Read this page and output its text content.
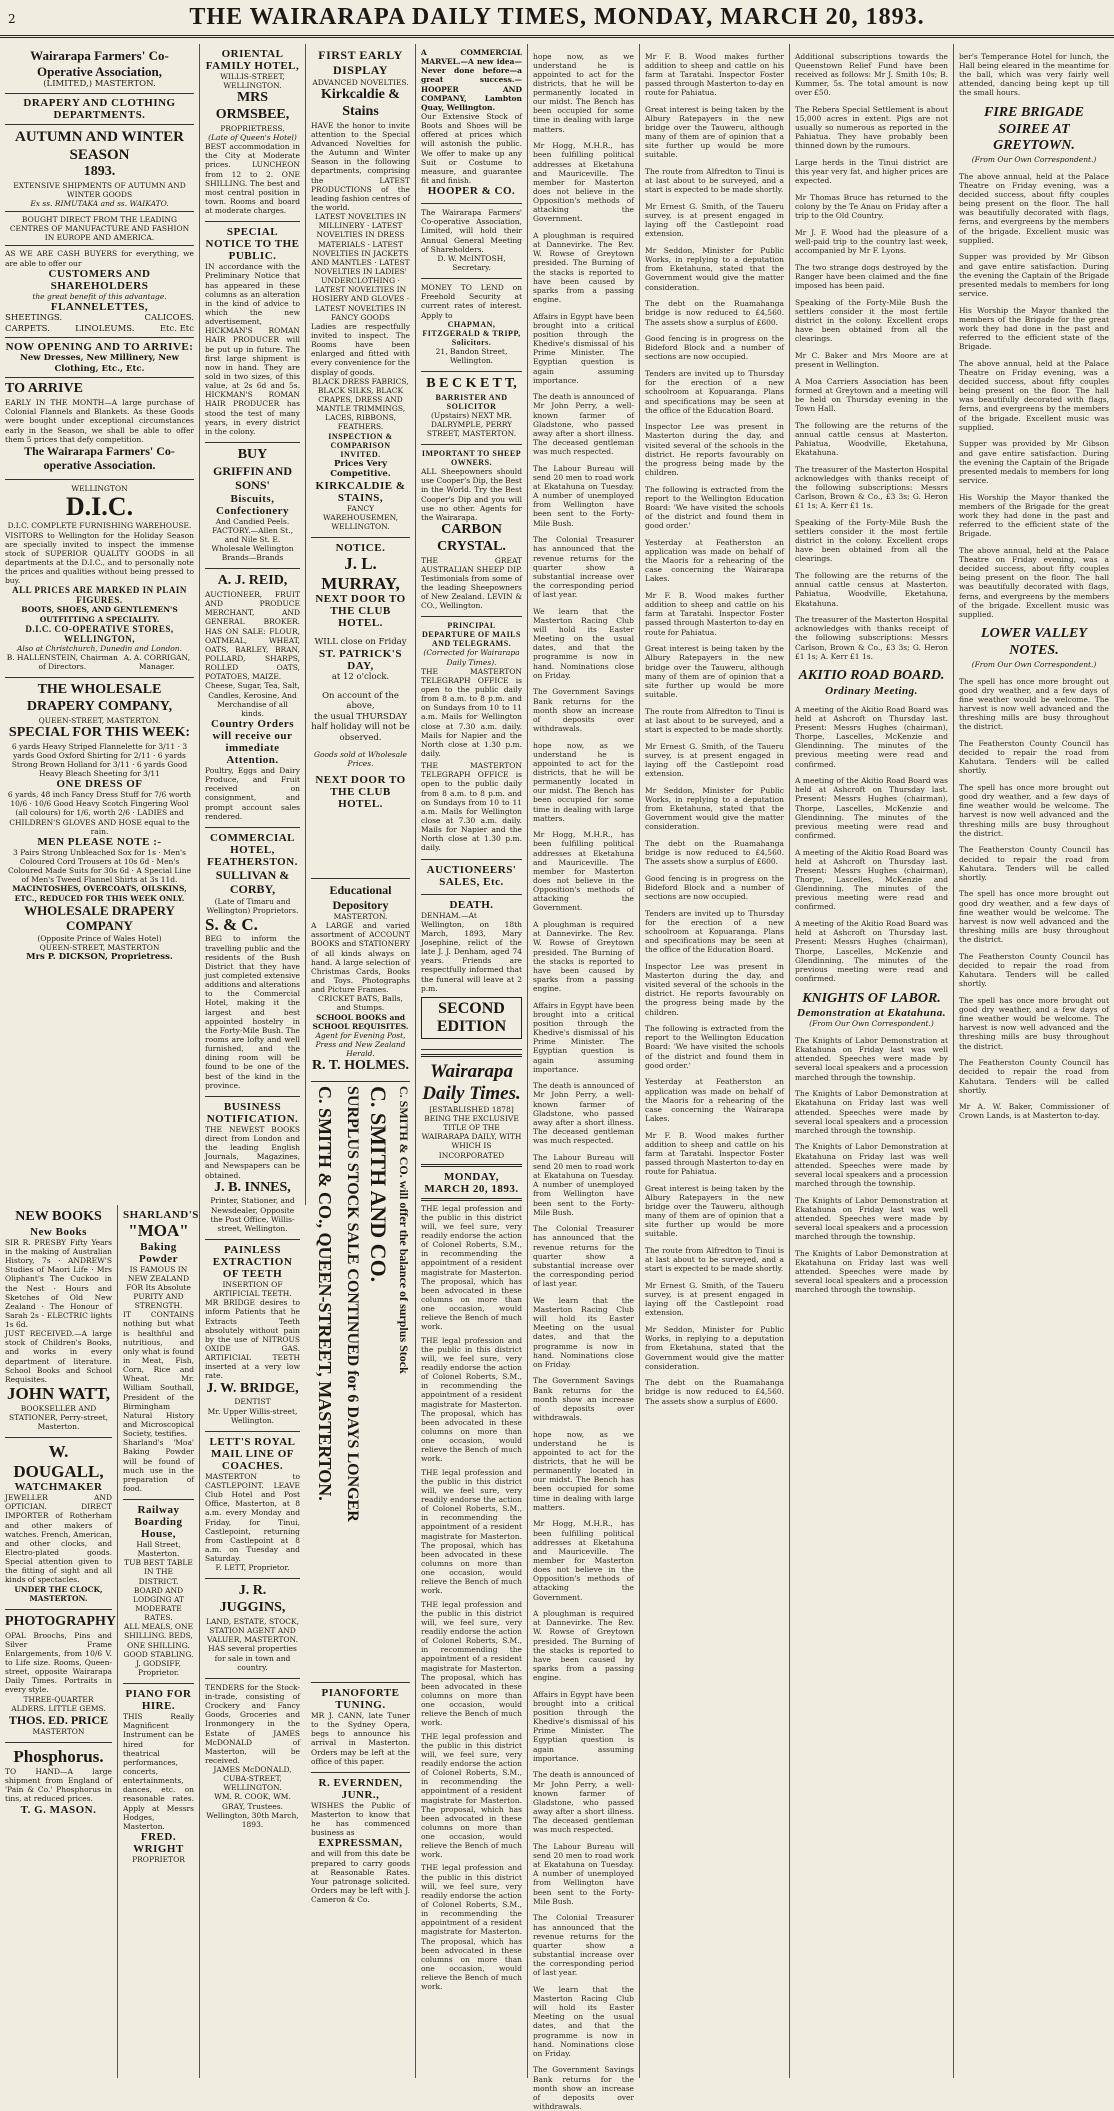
2	THE WAIRARAPA DAILY TIMES, MONDAY, MARCH 20, 1893.
Wairarapa Farmers' Co-Operative Association,
(LIMITED,) MASTERTON.
DRAPERY AND CLOTHING DEPARTMENTS.
AUTUMN AND WINTER SEASON
1893.
EXTENSIVE SHIPMENTS OF AUTUMN AND WINTER GOODS
Ex ss. RIMUTAKA and ss. WAIKATO.
BOUGHT DIRECT FROM THE LEADING CENTRES OF MANUFACTURE AND FASHION IN EUROPE AND AMERICA.
AS WE ARE CASH BUYERS for everything, we are able to offer our
CUSTOMERS AND SHAREHOLDERS
the great benefit of this advantage.
FLANNELETTES,
SHEETINGS.	CALICOES.
CARPETS.	LINOLEUMS.	Etc. Etc
NOW OPENING AND TO ARRIVE:
New Dresses, New Millinery, New Clothing, Etc., Etc.
TO ARRIVE
EARLY IN THE MONTH—A large purchase of Colonial Flannels and Blankets. As these Goods were bought under exceptional circumstances early in the Season, we shall be able to offer them 5 prices that defy competition.
The Wairarapa Farmers' Co-operative Association.
WELLINGTON
D.I.C.
D.I.C. COMPLETE FURNISHING WAREHOUSE.
VISITORS to Wellington for the Holiday Season are specially invited to inspect the immense stock of SUPERIOR QUALITY GOODS in all departments at the D.I.C., and to personally note the prices and qualities without being pressed to buy.
ALL PRICES ARE MARKED IN PLAIN FIGURES.
BOOTS, SHOES, AND GENTLEMEN'S OUTFITTING A SPECIALITY.
D.I.C. CO-OPERATIVE STORES, WELLINGTON,
Also at Christchurch, Dunedin and London.
B. HALLENSTEIN, Chairman of Directors.
A. A. CORRIGAN, Manager.
THE WHOLESALE DRAPERY COMPANY,
QUEEN-STREET, MASTERTON.
SPECIAL FOR THIS WEEK:
6 yards Heavy Striped Flannelette for 3/11 · 3 yards Good Oxford Shirting for 2/11 · 6 yards Strong Brown Holland for 3/11 · 6 yards Good Heavy Bleach Sheeting for 3/11
ONE DRESS OF
6 yards, 48 inch Fancy Dress Stuff for 7/6 worth 10/6 · 10/6 Good Heavy Scotch Fingering Wool (all colours) for 1/6, worth 2/6 · LADIES and CHILDREN'S GLOVES AND HOSE equal to the rain.
MEN PLEASE NOTE :-
3 Pairs Strong Unbleached Sox for 1s · Men's Coloured Cord Trousers at 10s 6d · Men's Coloured Made Suits for 30s 6d · A Special Line of Men's Tweed Flannel Shirts at 3s 11d.
MACINTOSHES, OVERCOATS, OILSKINS, ETC., REDUCED FOR THIS WEEK ONLY.
WHOLESALE DRAPERY COMPANY
(Opposite Prince of Wales Hotel)
QUEEN-STREET, MASTERTON
Mrs P. DICKSON, Proprietress.
NEW BOOKS
New Books
SIR R. PRESBY Fifty Years in the making of Australian History, 7s · ANDREW'S Studies of Maori Life · Mrs Oliphant's The Cuckoo in the Nest · Hours and Sketches of Old New Zealand · The Honour of Sarah 2s · ELECTRIC lights 1s 6d.
JUST RECEIVED.—A large stock of Children's Books, and works in every department of literature. School Books and School Requisites.
JOHN WATT,
BOOKSELLER AND STATIONER, Perry-street, Masterton.
W. DOUGALL,
WATCHMAKER
JEWELLER AND OPTICIAN. DIRECT IMPORTER of Rotherham and other makers of watches. French, American, and other clocks, and Electro-plated goods. Special attention given to the fitting of sight and all kinds of spectacles.
UNDER THE CLOCK, MASTERTON.
PHOTOGRAPHY
OPAL Broochs, Pins and Silver Frame Enlargements, from 10/6 V. to Life size. Rooms, Queen-street, opposite Wairarapa Daily Times. Portraits in every style.
THREE-QUARTER ALDERS. LITTLE GEMS.
THOS. ED. PRICE
MASTERTON
Phosphorus.
TO HAND—A large shipment from England of 'Pain & Co.' Phosphorus in tins, at reduced prices.
T. G. MASON.
SHARLAND'S
"MOA"
Baking Powder
IS FAMOUS IN NEW ZEALAND FOR Its Absolute PURITY AND STRENGTH.
IT CONTAINS nothing but what is healthful and nutritious, and only what is found in Meat, Fish, Corn, Rice and Wheat. Mr. William Southall, President of the Birmingham Natural History and Microscopical Society, testifies.
Sharland's 'Moa' Baking Powder will be found of much use in the preparation of food.
Railway Boarding House,
Hall Street, Masterton.
TUB BEST TABLE IN THE DISTRICT.
BOARD AND LODGING AT MODERATE RATES.
ALL MEALS, ONE SHILLING. BEDS, ONE SHILLING.
GOOD STABLING.
J. GODSIFF, Proprietor.
PIANO FOR HIRE.
THIS Really Magnificent Instrument can be hired for theatrical performances, concerts, entertainments, dances, etc. on reasonable rates. Apply at Messrs Hodges, Masterton.
FRED. WRIGHT
PROPRIETOR
ORIENTAL FAMILY HOTEL,
WILLIS-STREET, WELLINGTON.
MRS ORMSBEE,
PROPRIETRESS,
(Late of Queen's Hotel)
BEST accommodation in the City at Moderate prices. LUNCHEON from 12 to 2. ONE SHILLING. The best and most central position in town. Rooms and board at moderate charges.
SPECIAL NOTICE TO THE PUBLIC.
IN accordance with the Preliminary Notice that has appeared in these columns as an alteration in the kind of advice to which the new advertisement, HICKMAN'S ROMAN HAIR PRODUCER will be put up in future. The first large shipment is now in hand. They are sold in two sizes, of this value, at 2s 6d and 5s. HICKMAN'S ROMAN HAIR PRODUCER has stood the test of many years, in every district in the colony.
BUY
GRIFFIN AND SONS'
Biscuits, Confectionery
And Candied Peels.
FACTORY.—Allen St., and Nile St. E.
Wholesale Wellington Brands—Brands
A. J. REID,
AUCTIONEER, FRUIT AND PRODUCE MERCHANT, AND GENERAL BROKER. HAS ON SALE: FLOUR, OATMEAL, WHEAT, OATS, BARLEY, BRAN, POLLARD, SHARPS, ROLLED OATS, POTATOES, MAIZE.
Cheese, Sugar, Tea, Salt, Candles, Kerosine, And Merchandise of all kinds.
Country Orders will receive our immediate Attention.
Poultry, Eggs and Dairy Produce, and Fruit received on consignment, and prompt account sales rendered.
COMMERCIAL HOTEL, FEATHERSTON.
SULLIVAN & CORBY,
(Late of Timaru and Wellington) Proprietors.
S. & C.
BEG to inform the travelling public and the residents of the Bush District that they have just completed extensive additions and alterations to the Commercial Hotel, making it the largest and best appointed hostelry in the Forty-Mile Bush. The rooms are lofty and well furnished, and the dining room will be found to be one of the best of the kind in the province.
BUSINESS NOTIFICATION.
THE NEWEST BOOKS direct from London and the leading English Journals, Magazines, and Newspapers can be obtained.
J. B. INNES,
Printer, Stationer, and Newsdealer, Opposite the Post Office, Willis-street, Wellington.
PAINLESS EXTRACTION OF TEETH
INSERTION OF ARTIFICIAL TEETH.
MR BRIDGE desires to inform Patients that he Extracts Teeth absolutely without pain by the use of NITROUS OXIDE GAS. ARTIFICIAL TEETH inserted at a very low rate.
J. W. BRIDGE,
DENTIST
Mr. Upper Willis-street, Wellington.
LETT'S ROYAL MAIL LINE OF COACHES.
MASTERTON to CASTLEPOINT. LEAVE Club Hotel and Post Office, Masterton, at 8 a.m. every Monday and Friday, for Tinui, Castlepoint, returning from Castlepoint at 8 a.m. on Tuesday and Saturday.
F. LETT, Proprietor.
J. R. JUGGINS,
LAND, ESTATE, STOCK, STATION AGENT AND VALUER, MASTERTON.
HAS several properties for sale in town and country.
TENDERS for the Stock-in-trade, consisting of Crockery and Fancy Goods, Groceries and Ironmongery in the Estate of JAMES McDONALD of Masterton, will be received.
JAMES McDONALD, CUBA-STREET, WELLINGTON.
WM. R. COOK, WM. GRAY, Trustees.
Wellington, 30th March, 1893.
FIRST EARLY DISPLAY
ADVANCED NOVELTIES.
Kirkcaldie & Stains
HAVE the honor to invite attention to the Special Advanced Novelties for the Autumn and Winter Season in the following departments, comprising the LATEST PRODUCTIONS of the leading fashion centres of the world.
LATEST NOVELTIES IN MILLINERY · LATEST NOVELTIES IN DRESS MATERIALS · LATEST NOVELTIES IN JACKETS AND MANTLES · LATEST NOVELTIES IN LADIES' UNDERCLOTHING · LATEST NOVELTIES IN HOSIERY AND GLOVES · LATEST NOVELTIES IN FANCY GOODS
Ladies are respectfully invited to inspect. The Rooms have been enlarged and fitted with every convenience for the display of goods.
BLACK DRESS FABRICS, BLACK SILKS, BLACK CRAPES, DRESS AND MANTLE TRIMMINGS, LACES, RIBBONS, FEATHERS.
INSPECTION & COMPARISON INVITED.
Prices Very Competitive.
KIRKCALDIE & STAINS,
FANCY WAREHOUSEMEN, WELLINGTON.
NOTICE.
J. L. MURRAY,
NEXT DOOR TO THE CLUB HOTEL.
WILL close on Friday
ST. PATRICK'S DAY,
at 12 o'clock.
On account of the above,
the usual THURSDAY
half holiday will not be observed.
Goods sold at Wholesale Prices.
NEXT DOOR TO THE CLUB HOTEL.
Educational Depository
MASTERTON.
A LARGE and varied assortment of ACCOUNT BOOKS and STATIONERY of all kinds always on hand. A large selection of Christmas Cards, Books and Toys. Photographs and Picture Frames.
CRICKET BATS, Balls, and Stumps.
SCHOOL BOOKS and SCHOOL REQUISITES.
Agent for Evening Post, Press and New Zealand Herald.
R. T. HOLMES.
C. SMITH & CO. will offer the balance of surplus Stock
C. SMITH AND CO.
SURPLUS STOCK SALE CONTINUED for 6 DAYS LONGER
C. SMITH & CO., QUEEN-STREET, MASTERTON.
PIANOFORTE TUNING.
MR J. CANN, late Tuner to the Sydney Opera, begs to announce his arrival in Masterton. Orders may be left at the office of this paper.
R. EVERNDEN, JUNR.,
WISHES the Public of Masterton to know that he has commenced business as
EXPRESSMAN,
and will from this date be prepared to carry goods at Reasonable Rates. Your patronage solicited. Orders may be left with J. Cameron & Co.
A COMMERCIAL MARVEL.—A new idea—Never done before—a great success.—HOOPER AND COMPANY, Lambton Quay, Wellington.
Our Extensive Stock of Boots and Shoes will be offered at prices which will astonish the public. We offer to make up any Suit or Costume to measure, and guarantee fit and finish.
HOOPER & CO.
The Wairarapa Farmers' Co-operative Association, Limited, will hold their Annual General Meeting of Shareholders.
D. W. McINTOSH, Secretary.
MONEY TO LEND on Freehold Security at current rates of interest. Apply to
CHAPMAN, FITZGERALD & TRIPP, Solicitors.
21, Bandon Street, Wellington.
B E C K E T T,
BARRISTER AND SOLICITOR
(Upstairs) NEXT MR. DALRYMPLE, PERRY STREET, MASTERTON.
IMPORTANT TO SHEEP OWNERS.
ALL Sheepowners should use Cooper's Dip, the Best in the World. Try the Best Cooper's Dip and you will use no other. Agents for the Wairarapa.
CARBON CRYSTAL.
THE GREAT AUSTRALIAN SHEEP DIP. Testimonials from some of the leading Sheepowners of New Zealand. LEVIN & CO., Wellington.
PRINCIPAL DEPARTURE OF MAILS AND TELEGRAMS.
(Corrected for Wairarapa Daily Times).
THE MASTERTON TELEGRAPH OFFICE is open to the public daily from 8 a.m. to 8 p.m. and on Sundays from 10 to 11 a.m. Mails for Wellington close at 7.30 a.m. daily. Mails for Napier and the North close at 1.30 p.m. daily.
THE MASTERTON TELEGRAPH OFFICE is open to the public daily from 8 a.m. to 8 p.m. and on Sundays from 10 to 11 a.m. Mails for Wellington close at 7.30 a.m. daily. Mails for Napier and the North close at 1.30 p.m. daily.
AUCTIONEERS' SALES, Etc.
DEATH.
DENHAM.—At Wellington, on 18th March, 1893, Mary Josephine, relict of the late J. J. Denham, aged 74 years. Friends are respectfully informed that the funeral will leave at 2 p.m.
SECOND EDITION
Wairarapa Daily Times.
[ESTABLISHED 1878]
BEING THE EXCLUSIVE TITLE OF THE WAIRARAPA DAILY, WITH WHICH IS INCORPORATED
MONDAY, MARCH 20, 1893.
THE legal profession and the public in this district will, we feel sure, very readily endorse the action of Colonel Roberts, S.M., in recommending the appointment of a resident magistrate for Masterton. The proposal, which has been advocated in these columns on more than one occasion, would relieve the Bench of much work.
THE legal profession and the public in this district will, we feel sure, very readily endorse the action of Colonel Roberts, S.M., in recommending the appointment of a resident magistrate for Masterton. The proposal, which has been advocated in these columns on more than one occasion, would relieve the Bench of much work.
THE legal profession and the public in this district will, we feel sure, very readily endorse the action of Colonel Roberts, S.M., in recommending the appointment of a resident magistrate for Masterton. The proposal, which has been advocated in these columns on more than one occasion, would relieve the Bench of much work.
THE legal profession and the public in this district will, we feel sure, very readily endorse the action of Colonel Roberts, S.M., in recommending the appointment of a resident magistrate for Masterton. The proposal, which has been advocated in these columns on more than one occasion, would relieve the Bench of much work.
THE legal profession and the public in this district will, we feel sure, very readily endorse the action of Colonel Roberts, S.M., in recommending the appointment of a resident magistrate for Masterton. The proposal, which has been advocated in these columns on more than one occasion, would relieve the Bench of much work.
THE legal profession and the public in this district will, we feel sure, very readily endorse the action of Colonel Roberts, S.M., in recommending the appointment of a resident magistrate for Masterton. The proposal, which has been advocated in these columns on more than one occasion, would relieve the Bench of much work.

hope now, as we understand he is appointed to act for the districts, that he will be permanently located in our midst. The Bench has been occupied for some time in dealing with large matters.

Mr Hogg, M.H.R., has been fulfilling political addresses at Eketahuna and Mauriceville. The member for Masterton does not believe in the Opposition's methods of attacking the Government.

A ploughman is required at Dannevirke. The Rev. W. Rowse of Greytown presided. The Burning of the stacks is reported to have been caused by sparks from a passing engine.

Affairs in Egypt have been brought into a critical position through the Khedive's dismissal of his Prime Minister. The Egyptian question is again assuming importance.

The death is announced of Mr John Perry, a well-known farmer of Gladstone, who passed away after a short illness. The deceased gentleman was much respected.

The Labour Bureau will send 20 men to road work at Ekatahuna on Tuesday. A number of unemployed from Wellington have been sent to the Forty-Mile Bush.

The Colonial Treasurer has announced that the revenue returns for the quarter show a substantial increase over the corresponding period of last year.

We learn that the Masterton Racing Club will hold its Easter Meeting on the usual dates, and that the programme is now in hand. Nominations close on Friday.

The Government Savings Bank returns for the month show an increase of deposits over withdrawals.

hope now, as we understand he is appointed to act for the districts, that he will be permanently located in our midst. The Bench has been occupied for some time in dealing with large matters.

Mr Hogg, M.H.R., has been fulfilling political addresses at Eketahuna and Mauriceville. The member for Masterton does not believe in the Opposition's methods of attacking the Government.

A ploughman is required at Dannevirke. The Rev. W. Rowse of Greytown presided. The Burning of the stacks is reported to have been caused by sparks from a passing engine.

Affairs in Egypt have been brought into a critical position through the Khedive's dismissal of his Prime Minister. The Egyptian question is again assuming importance.

The death is announced of Mr John Perry, a well-known farmer of Gladstone, who passed away after a short illness. The deceased gentleman was much respected.

The Labour Bureau will send 20 men to road work at Ekatahuna on Tuesday. A number of unemployed from Wellington have been sent to the Forty-Mile Bush.

The Colonial Treasurer has announced that the revenue returns for the quarter show a substantial increase over the corresponding period of last year.

We learn that the Masterton Racing Club will hold its Easter Meeting on the usual dates, and that the programme is now in hand. Nominations close on Friday.

The Government Savings Bank returns for the month show an increase of deposits over withdrawals.

hope now, as we understand he is appointed to act for the districts, that he will be permanently located in our midst. The Bench has been occupied for some time in dealing with large matters.

Mr Hogg, M.H.R., has been fulfilling political addresses at Eketahuna and Mauriceville. The member for Masterton does not believe in the Opposition's methods of attacking the Government.

A ploughman is required at Dannevirke. The Rev. W. Rowse of Greytown presided. The Burning of the stacks is reported to have been caused by sparks from a passing engine.

Affairs in Egypt have been brought into a critical position through the Khedive's dismissal of his Prime Minister. The Egyptian question is again assuming importance.

The death is announced of Mr John Perry, a well-known farmer of Gladstone, who passed away after a short illness. The deceased gentleman was much respected.

The Labour Bureau will send 20 men to road work at Ekatahuna on Tuesday. A number of unemployed from Wellington have been sent to the Forty-Mile Bush.

The Colonial Treasurer has announced that the revenue returns for the quarter show a substantial increase over the corresponding period of last year.

We learn that the Masterton Racing Club will hold its Easter Meeting on the usual dates, and that the programme is now in hand. Nominations close on Friday.

The Government Savings Bank returns for the month show an increase of deposits over withdrawals.

Mr F. B. Wood makes further addition to sheep and cattle on his farm at Taratahi. Inspector Foster passed through Masterton to-day en route for Pahiatua.

Great interest is being taken by the Albury Ratepayers in the new bridge over the Tauweru, although many of them are of opinion that a site further up would be more suitable.

The route from Alfredton to Tinui is at last about to be surveyed, and a start is expected to be made shortly.

Mr Ernest G. Smith, of the Taueru survey, is at present engaged in laying off the Castlepoint road extension.

Mr Seddon, Minister for Public Works, in replying to a deputation from Eketahuna, stated that the Government would give the matter consideration.

The debt on the Ruamahanga bridge is now reduced to £4,560. The assets show a surplus of £600.

Good fencing is in progress on the Bideford Block and a number of sections are now occupied.

Tenders are invited up to Thursday for the erection of a new schoolroom at Kopuaranga. Plans and specifications may be seen at the office of the Education Board.

Inspector Lee was present in Masterton during the day, and visited several of the schools in the district. He reports favourably on the progress being made by the children.

The following is extracted from the report to the Wellington Education Board: 'We have visited the schools of the district and found them in good order.'

Yesterday at Featherston an application was made on behalf of the Maoris for a rehearing of the case concerning the Wairarapa Lakes.

Mr F. B. Wood makes further addition to sheep and cattle on his farm at Taratahi. Inspector Foster passed through Masterton to-day en route for Pahiatua.

Great interest is being taken by the Albury Ratepayers in the new bridge over the Tauweru, although many of them are of opinion that a site further up would be more suitable.

The route from Alfredton to Tinui is at last about to be surveyed, and a start is expected to be made shortly.

Mr Ernest G. Smith, of the Taueru survey, is at present engaged in laying off the Castlepoint road extension.

Mr Seddon, Minister for Public Works, in replying to a deputation from Eketahuna, stated that the Government would give the matter consideration.

The debt on the Ruamahanga bridge is now reduced to £4,560. The assets show a surplus of £600.

Good fencing is in progress on the Bideford Block and a number of sections are now occupied.

Tenders are invited up to Thursday for the erection of a new schoolroom at Kopuaranga. Plans and specifications may be seen at the office of the Education Board.

Inspector Lee was present in Masterton during the day, and visited several of the schools in the district. He reports favourably on the progress being made by the children.

The following is extracted from the report to the Wellington Education Board: 'We have visited the schools of the district and found them in good order.'

Yesterday at Featherston an application was made on behalf of the Maoris for a rehearing of the case concerning the Wairarapa Lakes.

Mr F. B. Wood makes further addition to sheep and cattle on his farm at Taratahi. Inspector Foster passed through Masterton to-day en route for Pahiatua.

Great interest is being taken by the Albury Ratepayers in the new bridge over the Tauweru, although many of them are of opinion that a site further up would be more suitable.

The route from Alfredton to Tinui is at last about to be surveyed, and a start is expected to be made shortly.

Mr Ernest G. Smith, of the Taueru survey, is at present engaged in laying off the Castlepoint road extension.

Mr Seddon, Minister for Public Works, in replying to a deputation from Eketahuna, stated that the Government would give the matter consideration.

The debt on the Ruamahanga bridge is now reduced to £4,560. The assets show a surplus of £600.

Additional subscriptions towards the Queenstown Relief Fund have been received as follows: Mr J. Smith 10s; B. Kummer, 5s. The total amount is now over £50.

The Rebera Special Settlement is about 15,000 acres in extent. Pigs are not usually so numerous as reported in the Pahiatua. They have probably been thinned down by the rumours.

Large herds in the Tinui district are this year very fat, and higher prices are expected.

Mr Thomas Bruce has returned to the colony by the Te Anau on Friday after a trip to the Old Country.

Mr J. F. Wood had the pleasure of a well-paid trip to the country last week, accompanied by Mr F. Lyons.

The two strange dogs destroyed by the Ranger have been claimed and the fine imposed has been paid.

Speaking of the Forty-Mile Bush the settlers consider it the most fertile district in the colony. Excellent crops have been obtained from all the clearings.

Mr C. Baker and Mrs Moore are at present in Wellington.

A Moa Carriers Association has been formed at Greytown and a meeting will be held on Thursday evening in the Town Hall.

The following are the returns of the annual cattle census at Masterton. Pahiatua, Woodville, Eketahuna, Ekatahuna.

The treasurer of the Masterton Hospital acknowledges with thanks receipt of the following subscriptions: Messrs Carlson, Brown & Co., £3 3s; G. Heron £1 1s; A. Kerr £1 1s.

Speaking of the Forty-Mile Bush the settlers consider it the most fertile district in the colony. Excellent crops have been obtained from all the clearings.

The following are the returns of the annual cattle census at Masterton. Pahiatua, Woodville, Eketahuna, Ekatahuna.

The treasurer of the Masterton Hospital acknowledges with thanks receipt of the following subscriptions: Messrs Carlson, Brown & Co., £3 3s; G. Heron £1 1s; A. Kerr £1 1s.

AKITIO ROAD BOARD.
Ordinary Meeting.

A meeting of the Akitio Road Board was held at Ashcroft on Thursday last. Present: Messrs Hughes (chairman), Thorpe, Lascelles, McKenzie and Glendinning. The minutes of the previous meeting were read and confirmed.

A meeting of the Akitio Road Board was held at Ashcroft on Thursday last. Present: Messrs Hughes (chairman), Thorpe, Lascelles, McKenzie and Glendinning. The minutes of the previous meeting were read and confirmed.

A meeting of the Akitio Road Board was held at Ashcroft on Thursday last. Present: Messrs Hughes (chairman), Thorpe, Lascelles, McKenzie and Glendinning. The minutes of the previous meeting were read and confirmed.

A meeting of the Akitio Road Board was held at Ashcroft on Thursday last. Present: Messrs Hughes (chairman), Thorpe, Lascelles, McKenzie and Glendinning. The minutes of the previous meeting were read and confirmed.

KNIGHTS OF LABOR.
Demonstration at Ekatahuna.
(From Our Own Correspondent.)

The Knights of Labor Demonstration at Ekatahuna on Friday last was well attended. Speeches were made by several local speakers and a procession marched through the township.

The Knights of Labor Demonstration at Ekatahuna on Friday last was well attended. Speeches were made by several local speakers and a procession marched through the township.

The Knights of Labor Demonstration at Ekatahuna on Friday last was well attended. Speeches were made by several local speakers and a procession marched through the township.

The Knights of Labor Demonstration at Ekatahuna on Friday last was well attended. Speeches were made by several local speakers and a procession marched through the township.

The Knights of Labor Demonstration at Ekatahuna on Friday last was well attended. Speeches were made by several local speakers and a procession marched through the township.

ber's Temperance Hotel for lunch, the Hall being eleared in the meantime for the ball, which was very fairly well attended, dancing being kept up till the small hours.

FIRE BRIGADE SOIREE AT GREYTOWN.
(From Our Own Correspondent.)

The above annual, held at the Palace Theatre on Friday evening, was a decided success, about fifty couples being present on the floor. The hall was beautifully decorated with flags, ferns, and evergreens by the members of the brigade. Excellent music was supplied.

Supper was provided by Mr Gibson and gave entire satisfaction. During the evening the Captain of the Brigade presented medals to members for long service.

His Worship the Mayor thanked the members of the Brigade for the great work they had done in the past and referred to the efficient state of the Brigade.

The above annual, held at the Palace Theatre on Friday evening, was a decided success, about fifty couples being present on the floor. The hall was beautifully decorated with flags, ferns, and evergreens by the members of the brigade. Excellent music was supplied.

Supper was provided by Mr Gibson and gave entire satisfaction. During the evening the Captain of the Brigade presented medals to members for long service.

His Worship the Mayor thanked the members of the Brigade for the great work they had done in the past and referred to the efficient state of the Brigade.

The above annual, held at the Palace Theatre on Friday evening, was a decided success, about fifty couples being present on the floor. The hall was beautifully decorated with flags, ferns, and evergreens by the members of the brigade. Excellent music was supplied.

LOWER VALLEY NOTES.
(From Our Own Correspondent.)

The spell has once more brought out good dry weather, and a few days of fine weather would be welcome. The harvest is now well advanced and the threshing mills are busy throughout the district.

The Featherston County Council has decided to repair the road from Kahutara. Tenders will be called shortly.

The spell has once more brought out good dry weather, and a few days of fine weather would be welcome. The harvest is now well advanced and the threshing mills are busy throughout the district.

The Featherston County Council has decided to repair the road from Kahutara. Tenders will be called shortly.

The spell has once more brought out good dry weather, and a few days of fine weather would be welcome. The harvest is now well advanced and the threshing mills are busy throughout the district.

The Featherston County Council has decided to repair the road from Kahutara. Tenders will be called shortly.

The spell has once more brought out good dry weather, and a few days of fine weather would be welcome. The harvest is now well advanced and the threshing mills are busy throughout the district.

The Featherston County Council has decided to repair the road from Kahutara. Tenders will be called shortly.

Mr A. W. Baker, Commissioner of Crown Lands, is at Masterton to-day.
